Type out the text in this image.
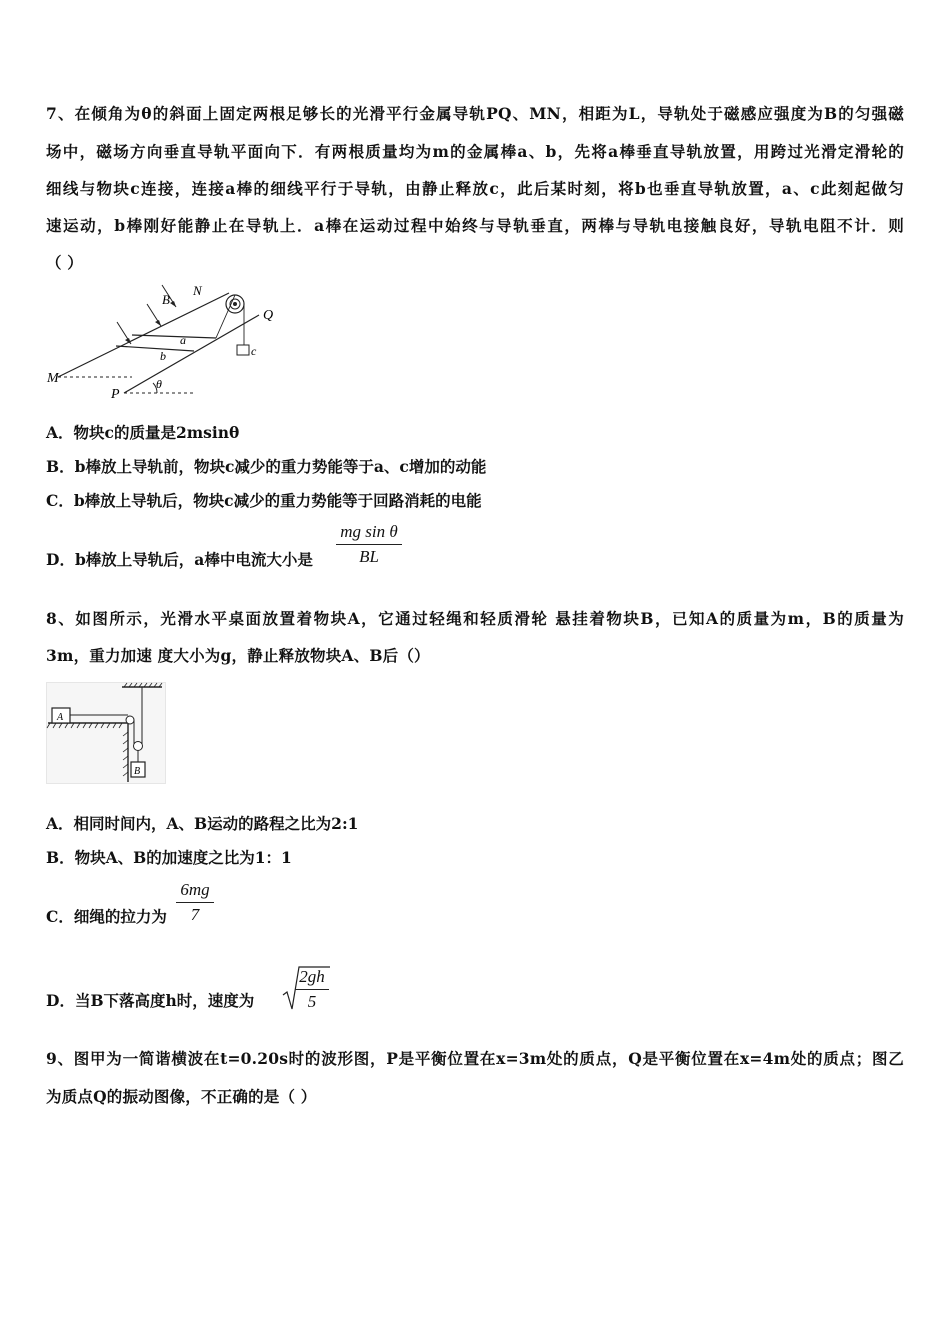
7、在倾角为θ的斜面上固定两根足够长的光滑平行金属导轨PQ、MN，相距为L，导轨处于磁感应强度为B的匀强磁
场中，磁场方向垂直导轨平面向下．有两根质量均为m的金属棒a、b，先将a棒垂直导轨放置，用跨过光滑定滑轮的
细线与物块c连接，连接a棒的细线平行于导轨，由静止释放c，此后某时刻，将b也垂直导轨放置，a、c此刻起做匀
速运动，b棒刚好能静止在导轨上．a棒在运动过程中始终与导轨垂直，两棒与导轨电接触良好，导轨电阻不计．则
（ ）
B
N
Q
a
b	c
M
P
θ
A．物块c的质量是2msinθ
B．b棒放上导轨前，物块c减少的重力势能等于a、c增加的动能
C．b棒放上导轨后，物块c减少的重力势能等于回路消耗的电能
D．b棒放上导轨后，a棒中电流大小是
mg sin θ
BL
8、如图所示，光滑水平桌面放置着物块A，它通过轻绳和轻质滑轮 悬挂着物块B，已知A的质量为m，B的质量为
3m，重力加速 度大小为g，静止释放物块A、B后（）
A
B
A．相同时间内，A、B运动的路程之比为2:1
B．物块A、B的加速度之比为1：1
C．细绳的拉力为
6mg
7
D．当B下落高度h时，速度为
2gh
5
9、图甲为一简谐横波在t=0.20s时的波形图，P是平衡位置在x=3m处的质点，Q是平衡位置在x=4m处的质点；图乙
为质点Q的振动图像，不正确的是（ ）
